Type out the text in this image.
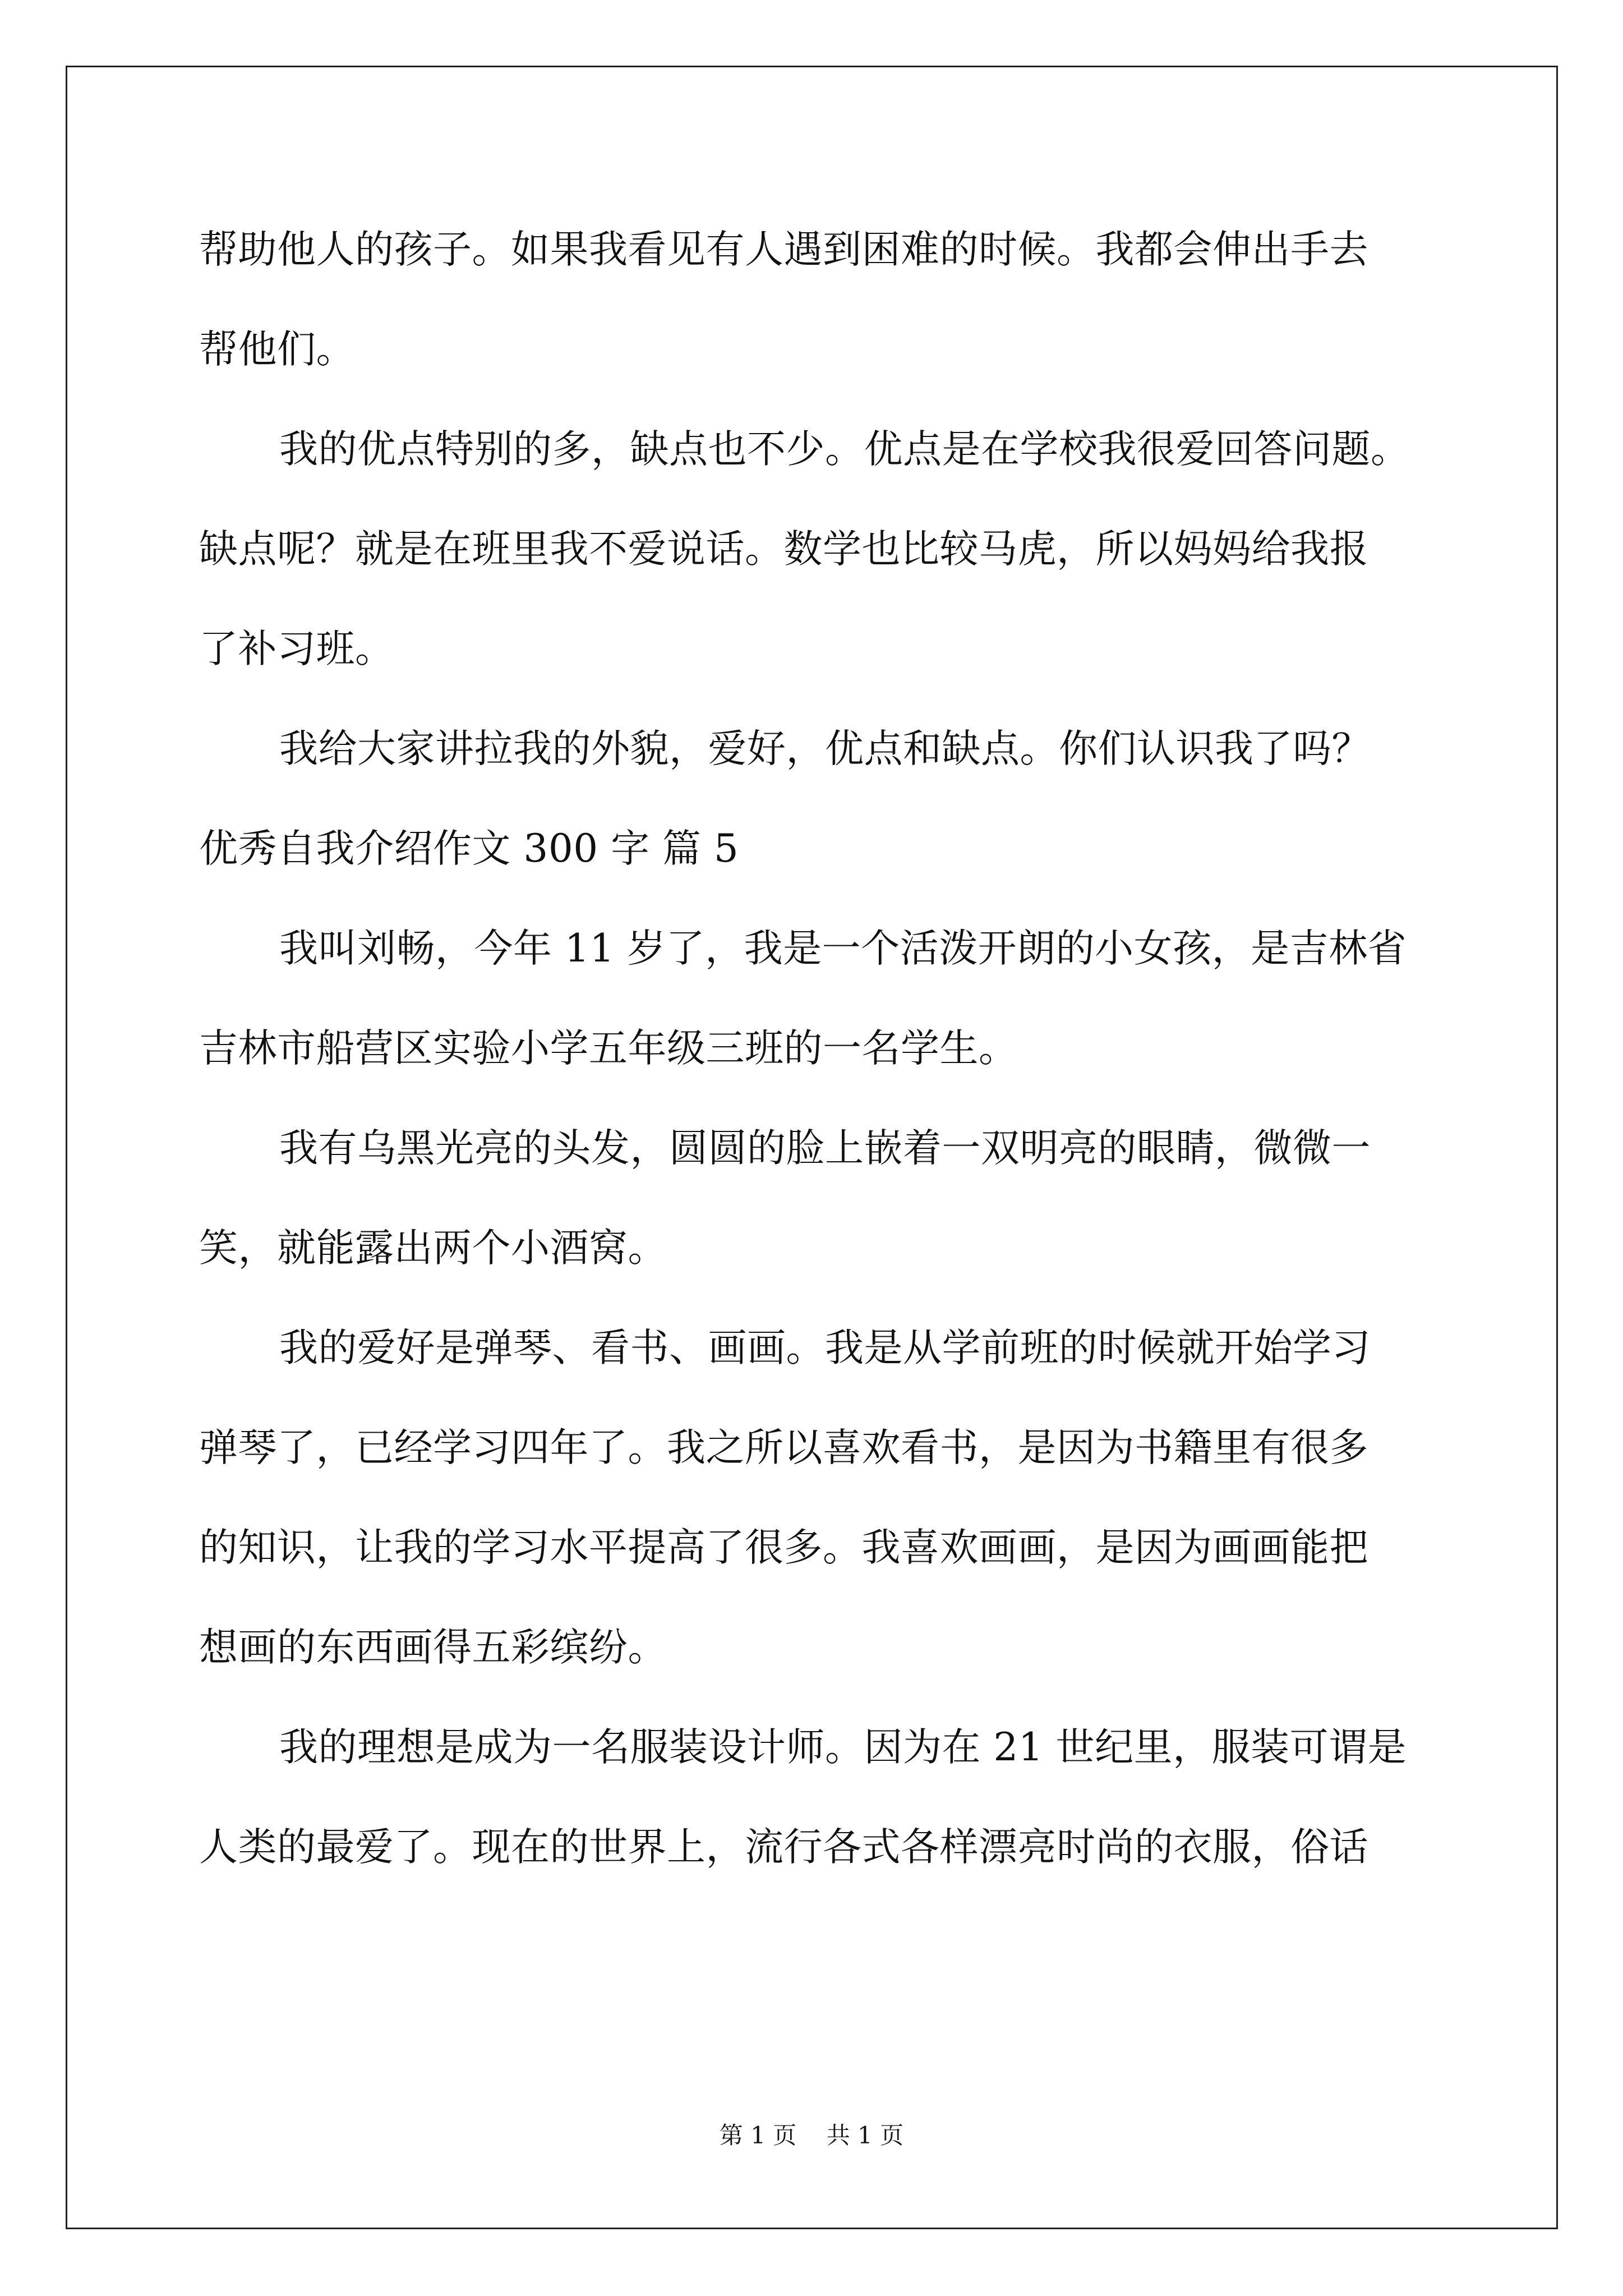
帮助他人的孩子。如果我看见有人遇到困难的时候。我都会伸出手去
帮他们。
我的优点特别的多，缺点也不少。优点是在学校我很爱回答问题。
缺点呢？就是在班里我不爱说话。数学也比较马虎，所以妈妈给我报
了补习班。
我给大家讲拉我的外貌，爱好，优点和缺点。你们认识我了吗？
优秀自我介绍作文 300 字 篇 5
我叫刘畅，今年 11 岁了，我是一个活泼开朗的小女孩，是吉林省
吉林市船营区实验小学五年级三班的一名学生。
我有乌黑光亮的头发，圆圆的脸上嵌着一双明亮的眼睛，微微一
笑，就能露出两个小酒窝。
我的爱好是弹琴、看书、画画。我是从学前班的时候就开始学习
弹琴了，已经学习四年了。我之所以喜欢看书，是因为书籍里有很多
的知识，让我的学习水平提高了很多。我喜欢画画，是因为画画能把
想画的东西画得五彩缤纷。
我的理想是成为一名服装设计师。因为在 21 世纪里，服装可谓是
人类的最爱了。现在的世界上，流行各式各样漂亮时尚的衣服，俗话
第 1 页    共 1 页
